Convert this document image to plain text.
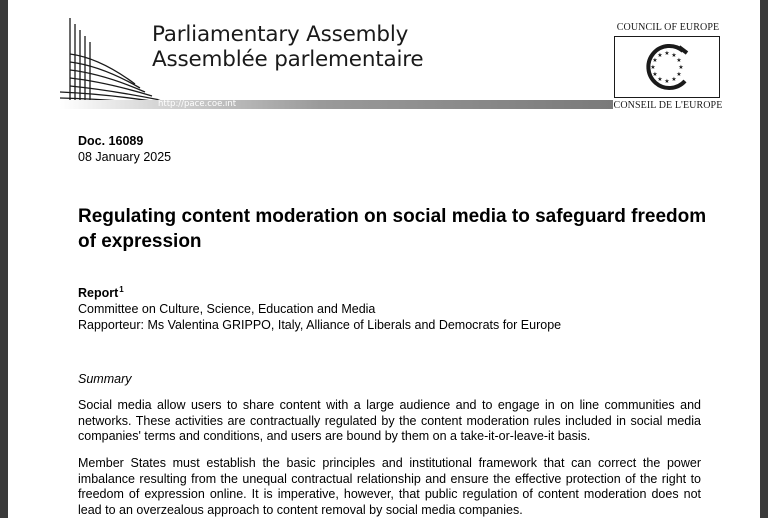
Parliamentary Assembly
Assemblée parlementaire
http://pace.coe.int
COUNCIL OF EUROPE
★ ★
★
★
★
★
★
★
★
★
★
★
CONSEIL DE L'EUROPE
Doc. 16089
08 January 2025
Regulating content moderation on social media to safeguard freedom of expression
Report$^1$
Committee on Culture, Science, Education and Media
Rapporteur: Ms Valentina GRIPPO, Italy, Alliance of Liberals and Democrats for Europe
Summary
Social media allow users to share content with a large audience and to engage in on line communities and networks. These activities are contractually regulated by the content moderation rules included in social media companies' terms and conditions, and users are bound by them on a take-it-or-leave-it basis.
Member States must establish the basic principles and institutional framework that can correct the power imbalance resulting from the unequal contractual relationship and ensure the effective protection of the right to freedom of expression online. It is imperative, however, that public regulation of content moderation does not lead to an overzealous approach to content removal by social media companies.
